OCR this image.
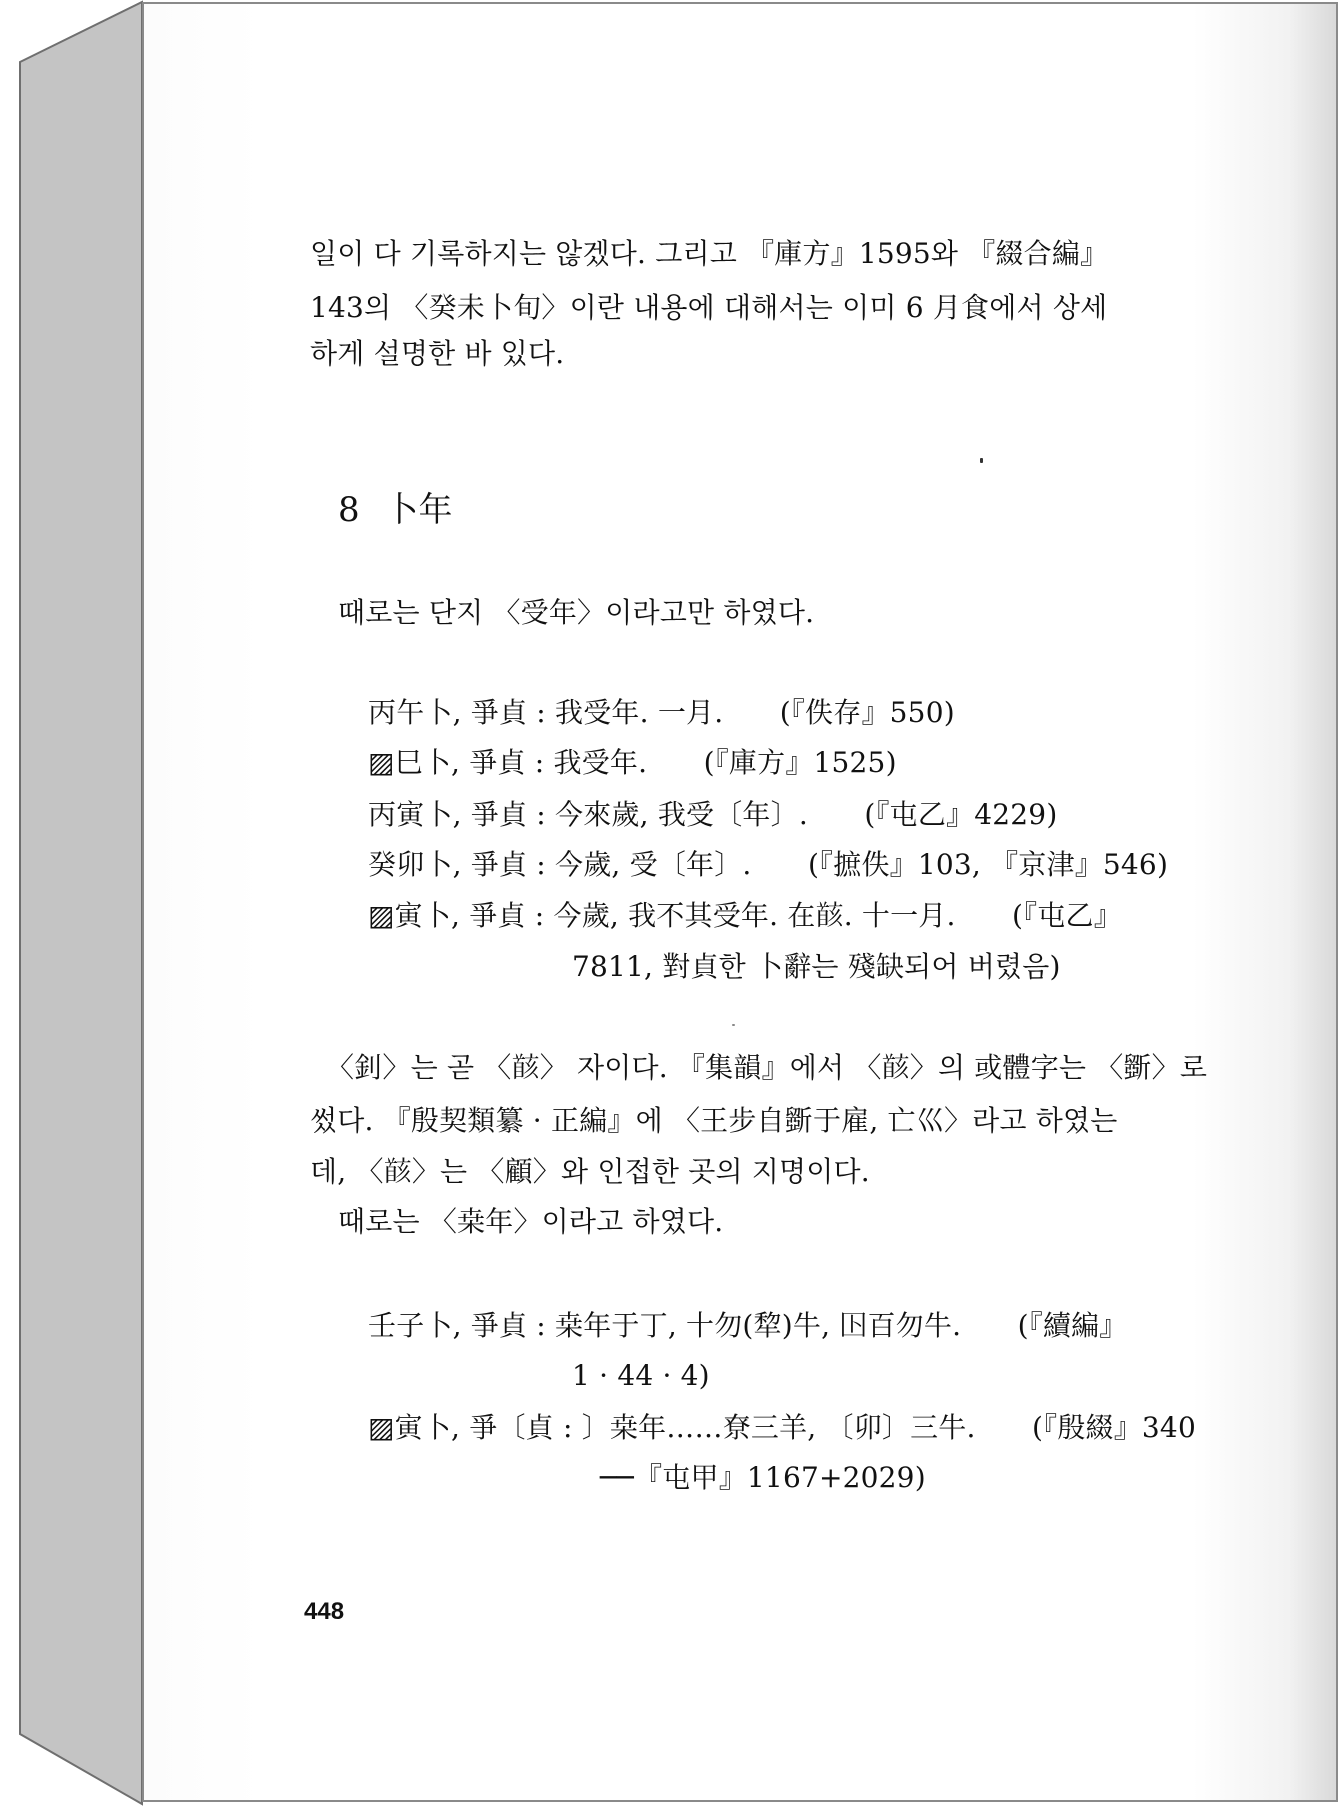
일이 다 기록하지는 않겠다. 그리고 『庫方』1595와 『綴合編』
143의 〈癸未卜旬〉이란 내용에 대해서는 이미 6 月食에서 상세
하게 설명한 바 있다.
8 卜年
때로는 단지 〈受年〉이라고만 하였다.
丙午卜, 爭貞 : 我受年. 一月.　　(『佚存』550)
▨巳卜, 爭貞 : 我受年.　　(『庫方』1525)
丙寅卜, 爭貞 : 今來歲, 我受〔年〕.　　(『屯乙』4229)
癸卯卜, 爭貞 : 今歲, 受〔年〕.　　(『摭佚』103, 『京津』546)
▨寅卜, 爭貞 : 今歲, 我不其受年. 在𩠚. 十一月.　　(『屯乙』
7811, 對貞한 卜辭는 殘缺되어 버렸음)
〈釗〉는 곧 〈𩠚〉 자이다. 『集韻』에서 〈𩠚〉의 或體字는 〈斵〉로
썼다. 『殷契類纂 · 正編』에 〈王步自斵于雇, 亡巛〉라고 하였는
데, 〈𩠚〉는 〈顧〉와 인접한 곳의 지명이다.
때로는 〈桒年〉이라고 하였다.
壬子卜, 爭貞 : 桒年于丁, 十勿(犂)牛, 𡆥百勿牛.　　(『續編』
1 · 44 · 4)
▨寅卜, 爭〔貞 : 〕桒年……尞三羊, 〔卯〕三牛.　　(『殷綴』340
──『屯甲』1167+2029)
448
